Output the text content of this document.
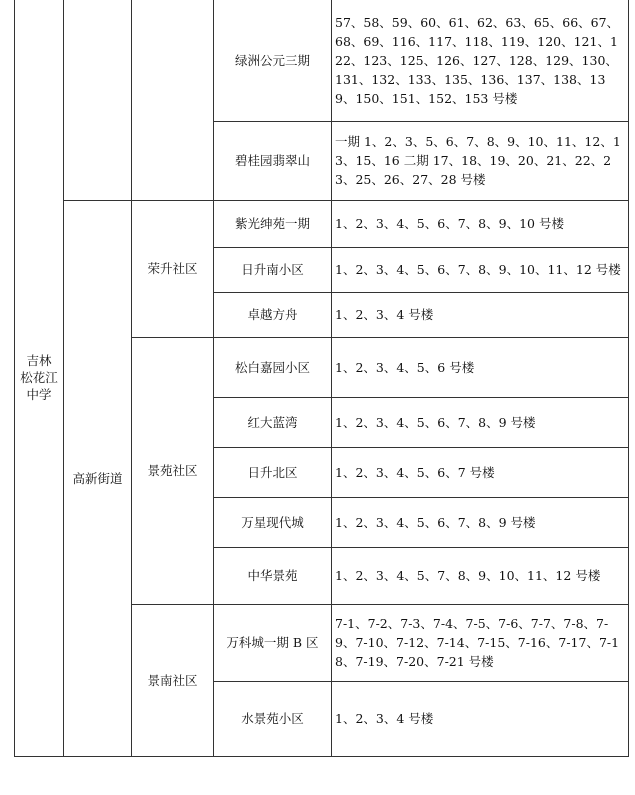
吉林
松花江
中学			绿洲公元三期	57、58、59、60、61、62、63、65、66、67、68、69、116、117、118、119、120、121、122、123、125、126、127、128、129、130、131、132、133、135、136、137、138、139、150、151、152、153 号楼
			碧桂园翡翠山	一期 1、2、3、5、6、7、8、9、10、11、12、13、15、16 二期 17、18、19、20、21、22、23、25、26、27、28 号楼
	高新街道	荣升社区	紫光绅苑一期	1、2、3、4、5、6、7、8、9、10 号楼
			日升南小区	1、2、3、4、5、6、7、8、9、10、11、12 号楼
			卓越方舟	1、2、3、4 号楼
		景苑社区	松白嘉园小区	1、2、3、4、5、6 号楼
			红大蓝湾	1、2、3、4、5、6、7、8、9 号楼
			日升北区	1、2、3、4、5、6、7 号楼
			万星现代城	1、2、3、4、5、6、7、8、9 号楼
			中华景苑	1、2、3、4、5、7、8、9、10、11、12 号楼
		景南社区	万科城一期 B 区	7-1、7-2、7-3、7-4、7-5、7-6、7-7、7-8、7-9、7-10、7-12、7-14、7-15、7-16、7-17、7-18、7-19、7-20、7-21 号楼
			水景苑小区	1、2、3、4 号楼
